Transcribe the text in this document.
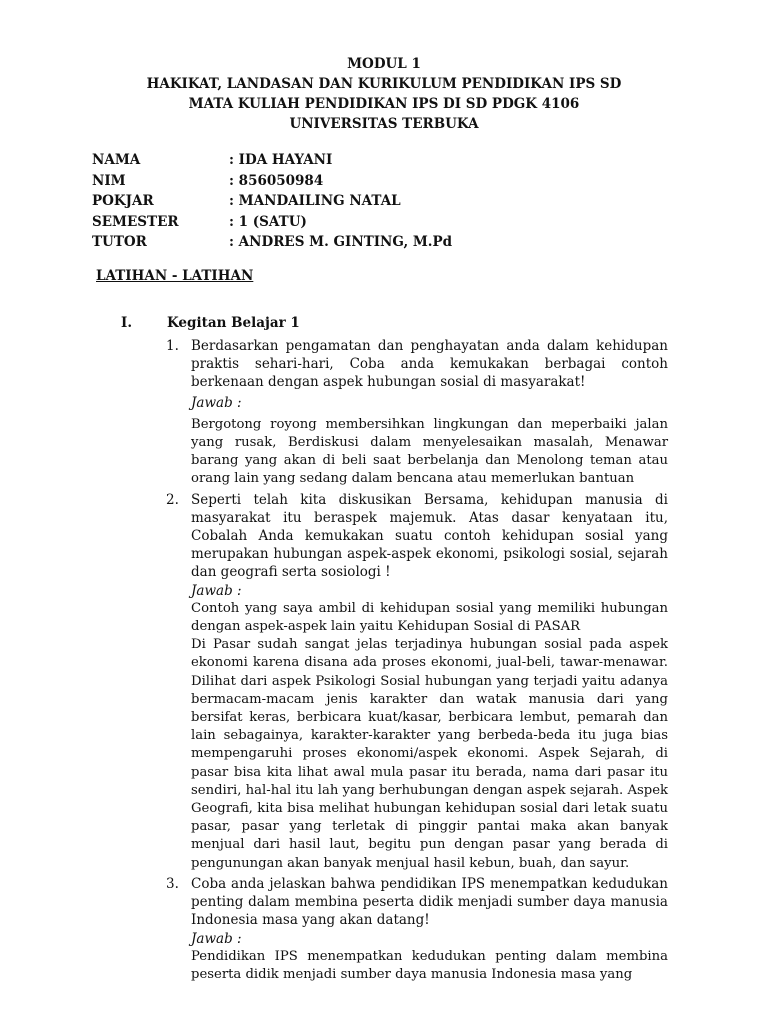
MODUL 1
HAKIKAT, LANDASAN DAN KURIKULUM PENDIDIKAN IPS SD
MATA KULIAH PENDIDIKAN IPS DI SD PDGK 4106
UNIVERSITAS TERBUKA
NAMA	: IDA HAYANI
NIM	: 856050984
POKJAR	: MANDAILING NATAL
SEMESTER	: 1 (SATU)
TUTOR	: ANDRES M. GINTING, M.Pd
LATIHAN - LATIHAN
I.	Kegitan Belajar 1
1. Berdasarkan pengamatan dan penghayatan anda dalam kehidupan praktis sehari-hari, Coba anda kemukakan berbagai contoh berkenaan dengan aspek hubungan sosial di masyarakat!

Jawab :

Bergotong royong membersihkan lingkungan dan meperbaiki jalan yang rusak, Berdiskusi dalam menyelesaikan masalah, Menawar barang yang akan di beli saat berbelanja dan Menolong teman atau orang lain yang sedang dalam bencana atau memerlukan bantuan

2. Seperti telah kita diskusikan Bersama, kehidupan manusia di masyarakat itu beraspek majemuk. Atas dasar kenyataan itu, Cobalah Anda kemukakan suatu contoh kehidupan sosial yang merupakan hubungan aspek-aspek ekonomi, psikologi sosial, sejarah dan geografi serta sosiologi !

Jawab :

Contoh yang saya ambil di kehidupan sosial yang memiliki hubungan dengan aspek-aspek lain yaitu Kehidupan Sosial di PASAR

Di Pasar sudah sangat jelas terjadinya hubungan sosial pada aspek ekonomi karena disana ada proses ekonomi, jual-beli, tawar-menawar. Dilihat dari aspek Psikologi Sosial hubungan yang terjadi yaitu adanya bermacam-macam jenis karakter dan watak manusia dari yang bersifat keras, berbicara kuat/kasar, berbicara lembut, pemarah dan lain sebagainya, karakter-karakter yang berbeda-beda itu juga bias mempengaruhi proses ekonomi/aspek ekonomi. Aspek Sejarah, di pasar bisa kita lihat awal mula pasar itu berada, nama dari pasar itu sendiri, hal-hal itu lah yang berhubungan dengan aspek sejarah. Aspek Geografi, kita bisa melihat hubungan kehidupan sosial dari letak suatu pasar, pasar yang terletak di pinggir pantai maka akan banyak menjual dari hasil laut, begitu pun dengan pasar yang berada di pengunungan akan banyak menjual hasil kebun, buah, dan sayur.

3. Coba anda jelaskan bahwa pendidikan IPS menempatkan kedudukan penting dalam membina peserta didik menjadi sumber daya manusia Indonesia masa yang akan datang!

Jawab :

Pendidikan IPS menempatkan kedudukan penting dalam membina peserta didik menjadi sumber daya manusia Indonesia masa yang
